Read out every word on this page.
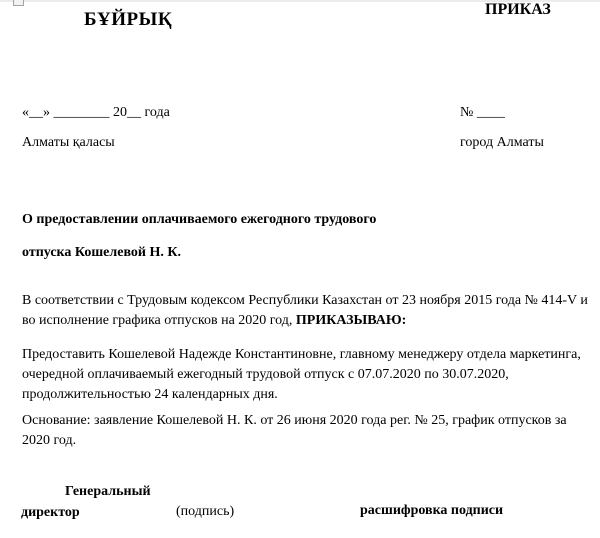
БҰЙРЫҚ	ПРИКАЗ
«__» ________ 20__ года	№ ____
Алматы қаласы	город Алматы
О предоставлении оплачиваемого ежегодного трудового отпуска Кошелевой Н. К.

В соответствии с Трудовым кодексом Республики Казахстан от 23 ноября 2015 года № 414-V и во исполнение графика отпусков на 2020 год, ПРИКАЗЫВАЮ:

Предоставить Кошелевой Надежде Константиновне, главному менеджеру отдела маркетинга, очередной оплачиваемый ежегодный трудовой отпуск с 07.07.2020 по 30.07.2020, продолжительностью 24 календарных дня.

Основание: заявление Кошелевой Н. К. от 26 июня 2020 года рег. № 25, график отпусков за 2020 год.

Генеральный директор	(подпись)	расшифровка подписи
